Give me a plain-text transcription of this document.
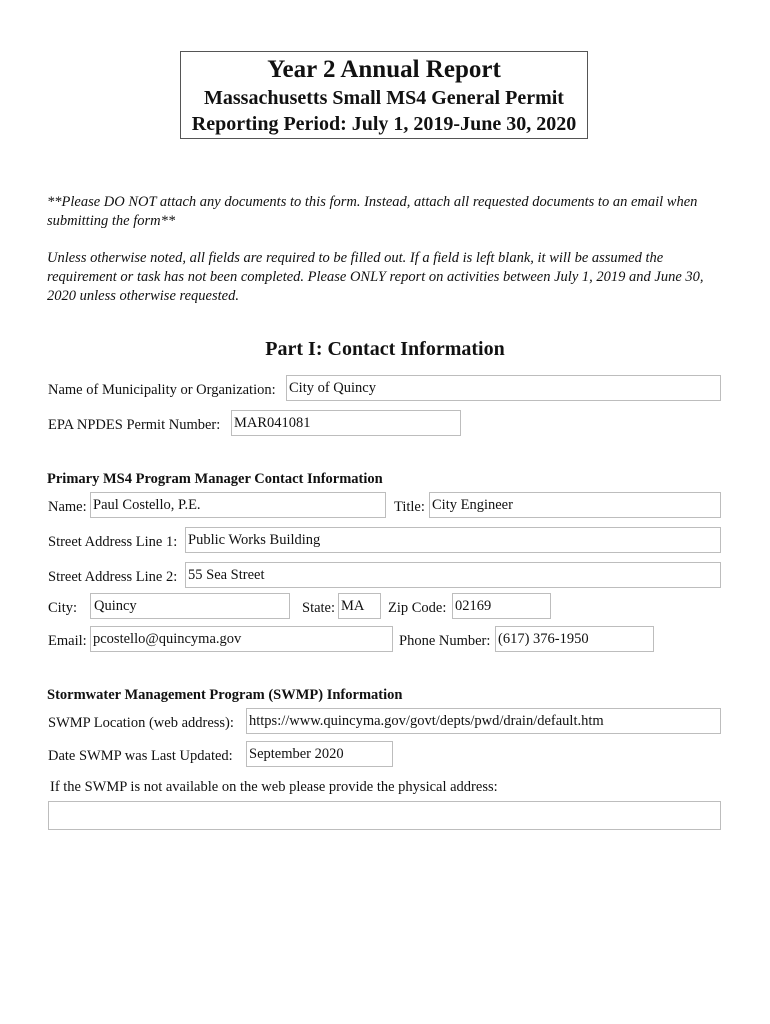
Year 2 Annual Report
Massachusetts Small MS4 General Permit
Reporting Period: July 1, 2019-June 30, 2020
**Please DO NOT attach any documents to this form. Instead, attach all requested documents to an email when submitting the form**
Unless otherwise noted, all fields are required to be filled out. If a field is left blank, it will be assumed the requirement or task has not been completed. Please ONLY report on activities between July 1, 2019 and June 30, 2020 unless otherwise requested.
Part I: Contact Information
Name of Municipality or Organization: City of Quincy
EPA NPDES Permit Number: MAR041081
Primary MS4 Program Manager Contact Information
Name: Paul Costello, P.E.	Title: City Engineer
Street Address Line 1: Public Works Building
Street Address Line 2: 55 Sea Street
City: Quincy	State: MA	Zip Code: 02169
Email: pcostello@quincyma.gov	Phone Number: (617) 376-1950
Stormwater Management Program (SWMP) Information
SWMP Location (web address): https://www.quincyma.gov/govt/depts/pwd/drain/default.htm
Date SWMP was Last Updated: September 2020
If the SWMP is not available on the web please provide the physical address:
